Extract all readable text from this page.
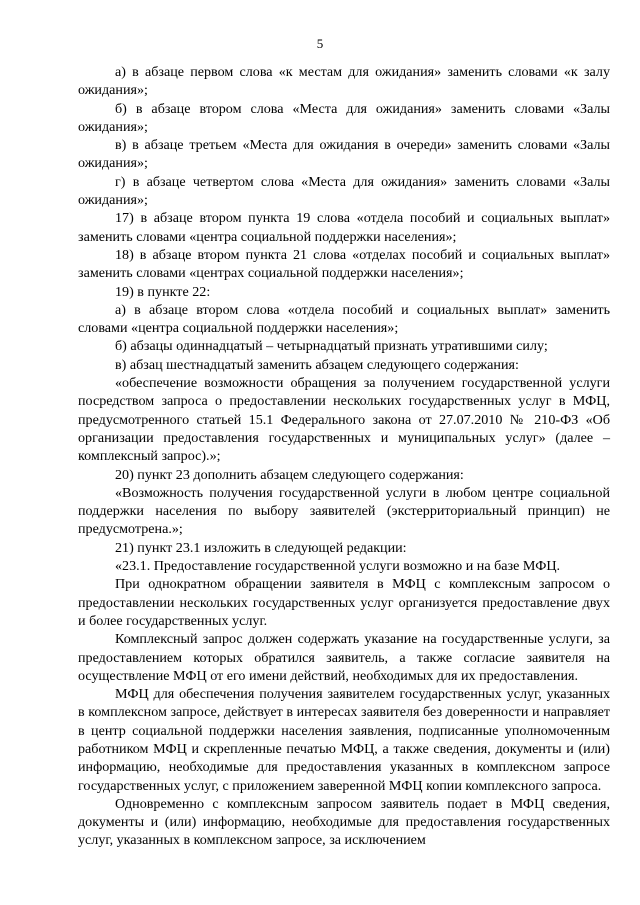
5

а) в абзаце первом слова «к местам для ожидания» заменить словами «к залу ожидания»;

б) в абзаце втором слова «Места для ожидания» заменить словами «Залы ожидания»;

в) в абзаце третьем «Места для ожидания в очереди» заменить словами «Залы ожидания»;

г) в абзаце четвертом слова «Места для ожидания» заменить словами «Залы ожидания»;

17) в абзаце втором пункта 19 слова «отдела пособий и социальных выплат» заменить словами «центра социальной поддержки населения»;

18) в абзаце втором пункта 21 слова «отделах пособий и социальных выплат» заменить словами «центрах социальной поддержки населения»;

19) в пункте 22:

а) в абзаце втором слова «отдела пособий и социальных выплат» заменить словами «центра социальной поддержки населения»;

б) абзацы одиннадцатый – четырнадцатый признать утратившими силу;

в) абзац шестнадцатый заменить абзацем следующего содержания:

«обеспечение возможности обращения за получением государственной услуги посредством запроса о предоставлении нескольких государственных услуг в МФЦ, предусмотренного статьей 15.1 Федерального закона от 27.07.2010 № 210-ФЗ «Об организации предоставления государственных и муниципальных услуг» (далее – комплексный запрос).»;

20) пункт 23 дополнить абзацем следующего содержания:

«Возможность получения государственной услуги в любом центре социальной поддержки населения по выбору заявителей (экстерриториальный принцип) не предусмотрена.»;

21) пункт 23.1 изложить в следующей редакции:

«23.1. Предоставление государственной услуги возможно и на базе МФЦ.

При однократном обращении заявителя в МФЦ с комплексным запросом о предоставлении нескольких государственных услуг организуется предоставление двух и более государственных услуг.

Комплексный запрос должен содержать указание на государственные услуги, за предоставлением которых обратился заявитель, а также согласие заявителя на осуществление МФЦ от его имени действий, необходимых для их предоставления.

МФЦ для обеспечения получения заявителем государственных услуг, указанных в комплексном запросе, действует в интересах заявителя без доверенности и направляет в центр социальной поддержки населения заявления, подписанные уполномоченным работником МФЦ и скрепленные печатью МФЦ, а также сведения, документы и (или) информацию, необходимые для предоставления указанных в комплексном запросе государственных услуг, с приложением заверенной МФЦ копии комплексного запроса.

Одновременно с комплексным запросом заявитель подает в МФЦ сведения, документы и (или) информацию, необходимые для предоставления государственных услуг, указанных в комплексном запросе, за исключением
